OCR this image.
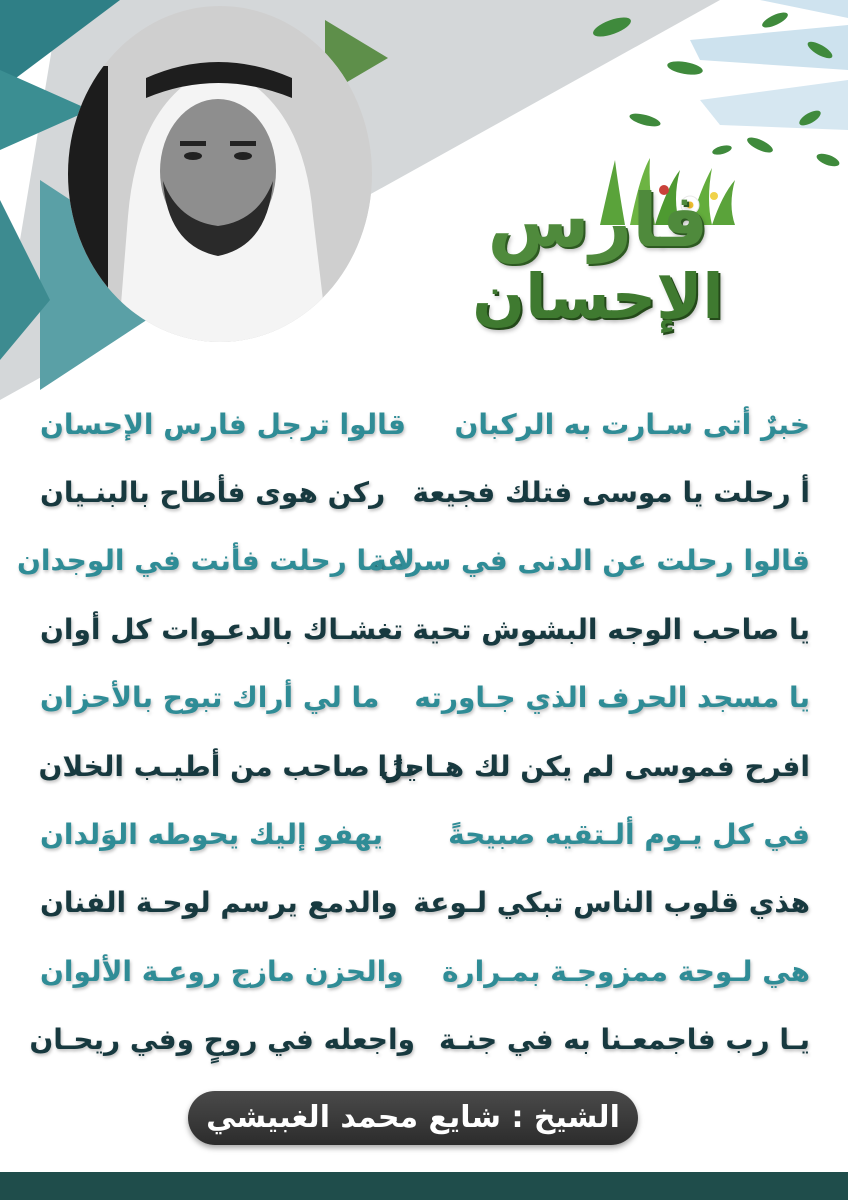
فارس
الإحسان
خبرٌ أتى سـارت به الركبان
قالوا ترجل فارس الإحسان
أ رحلت يا موسى فتلك فجيعة
ركن هوى فأطاح بالبنـيان
قالوا رحلت عن الدنى في سرعة
لا ما رحلت فأنت في الوجدان
يا صاحب الوجه البشوش تحية
تغشـاك بالدعـوات كل أوان
يا مسجد الحرف الذي جـاورته
ما لي أراك تبوح بالأحزان
افرح فموسى لم يكن لك هـاجرًا
بل صاحب من أطيـب الخلان
في كل يـوم ألـتقيه صبيحةً
يهفو إليك يحوطه الوَلدان
هذي قلوب الناس تبكي لـوعة
والدمع يرسم لوحـة الفنان
هي لـوحة ممزوجـة بمـرارة
والحزن مازج روعـة الألوان
يـا رب فاجمعـنا به في جنـة
واجعله في روحٍ وفي ريحـان
الشيخ : شايع محمد الغبيشي
